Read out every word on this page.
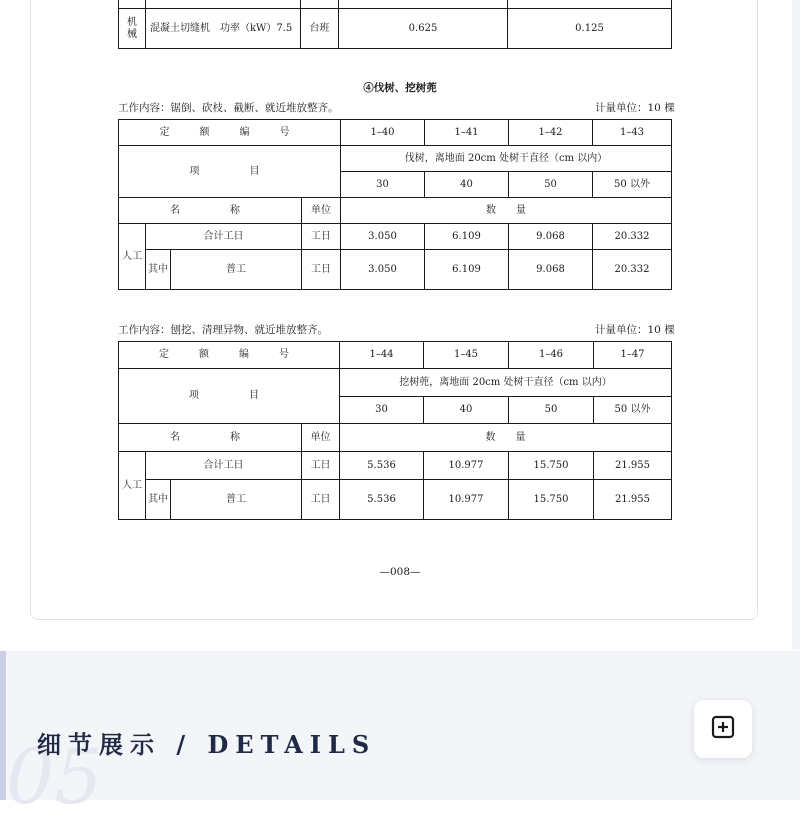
机械	混凝土切缝机　功率（kW）7.5	台班	0.625	0.125
④伐树、挖树蔸
工作内容：锯倒、砍枝、截断、就近堆放整齐。	计量单位：10 棵
定　额　编　号				1–40	1–41	1–42	1–43
项　　目				伐树，离地面 20cm 处树干直径（cm 以内）			
				30	40	50	50 以外
名　　称			单位	数　　量			
人工	合计工日		工日	3.050	6.109	9.068	20.332
	其中	普工	工日	3.050	6.109	9.068	20.332
工作内容：刨挖、清理异物、就近堆放整齐。	计量单位：10 棵
定　额　编　号				1–44	1–45	1–46	1–47
项　　目				挖树蔸，离地面 20cm 处树干直径（cm 以内）			
				30	40	50	50 以外
名　　称			单位	数　　量			
人工	合计工日		工日	5.536	10.977	15.750	21.955
	其中	普工	工日	5.536	10.977	15.750	21.955
—008—
05
细节展示 / DETAILS
